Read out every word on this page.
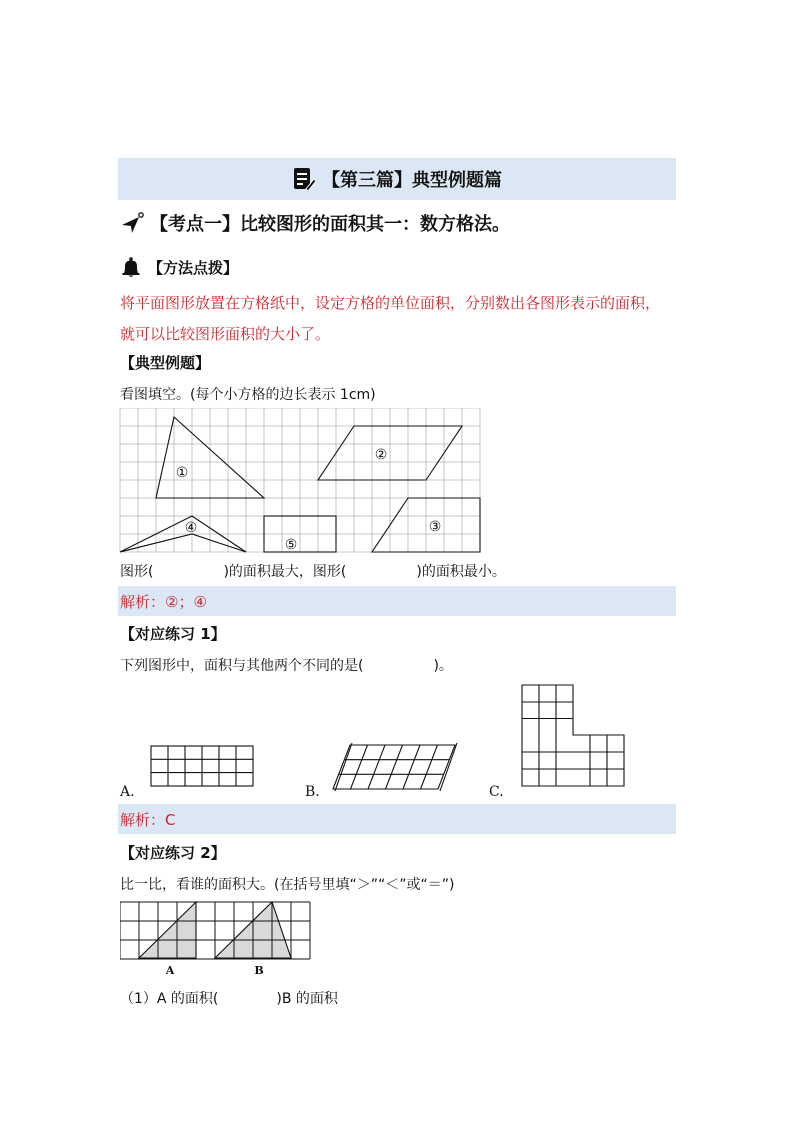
【第三篇】典型例题篇
【考点一】比较图形的面积其一：数方格法。
【方法点拨】
将平面图形放置在方格纸中，设定方格的单位面积，分别数出各图形表示的面积，
就可以比较图形面积的大小了。
【典型例题】
看图填空。(每个小方格的边长表示 1cm)
①
②
③
④
⑤
图形(	)的面积最大，图形(	)的面积最小。
解析：②；④
【对应练习 1】
下列图形中，面积与其他两个不同的是(	)。
A.	B.	C.
解析：C
【对应练习 2】
比一比，看谁的面积大。(在括号里填“＞”“＜”或“＝”)
A	B
（1）A 的面积(	)B 的面积
